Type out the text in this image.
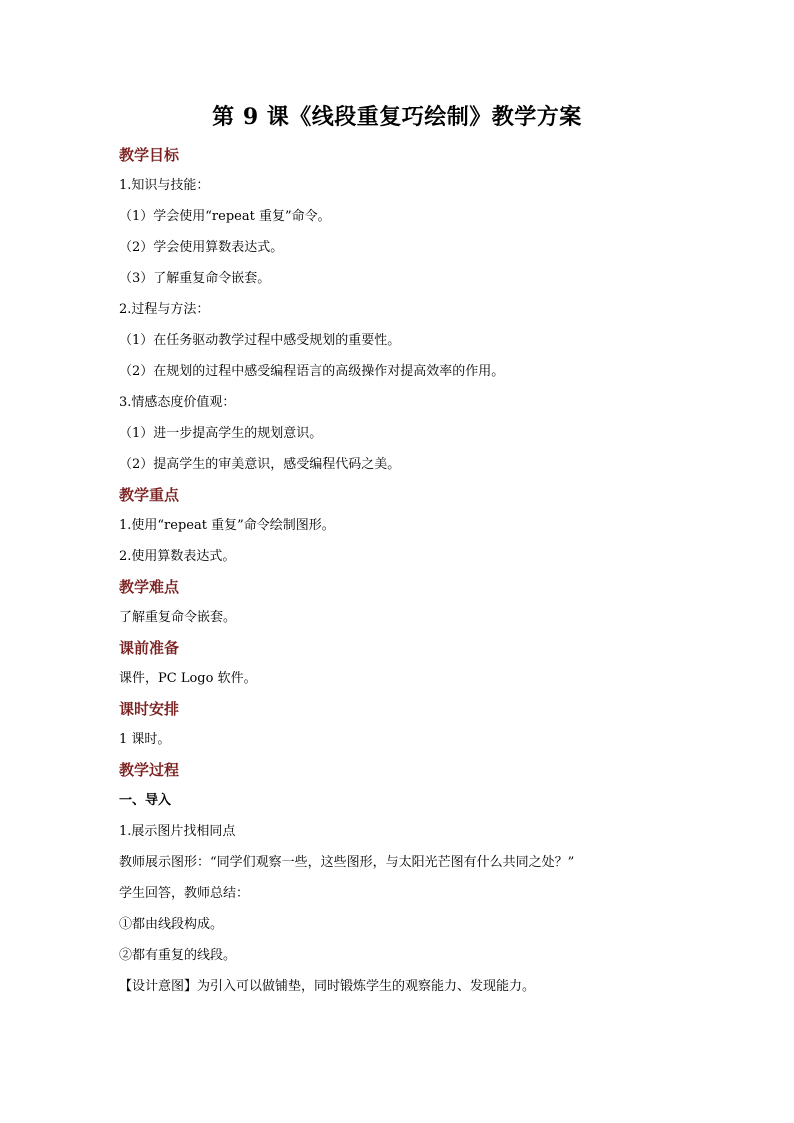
第 9 课《线段重复巧绘制》教学方案
教学目标
1.知识与技能：
（1）学会使用“repeat 重复”命令。
（2）学会使用算数表达式。
（3）了解重复命令嵌套。
2.过程与方法：
（1）在任务驱动教学过程中感受规划的重要性。
（2）在规划的过程中感受编程语言的高级操作对提高效率的作用。
3.情感态度价值观：
（1）进一步提高学生的规划意识。
（2）提高学生的审美意识，感受编程代码之美。
教学重点
1.使用“repeat 重复”命令绘制图形。
2.使用算数表达式。
教学难点
了解重复命令嵌套。
课前准备
课件，PC Logo 软件。
课时安排
1 课时。
教学过程
一、导入
1.展示图片找相同点
教师展示图形：“同学们观察一些，这些图形，与太阳光芒图有什么共同之处？”
学生回答，教师总结：
①都由线段构成。
②都有重复的线段。
【设计意图】为引入可以做铺垫，同时锻炼学生的观察能力、发现能力。
